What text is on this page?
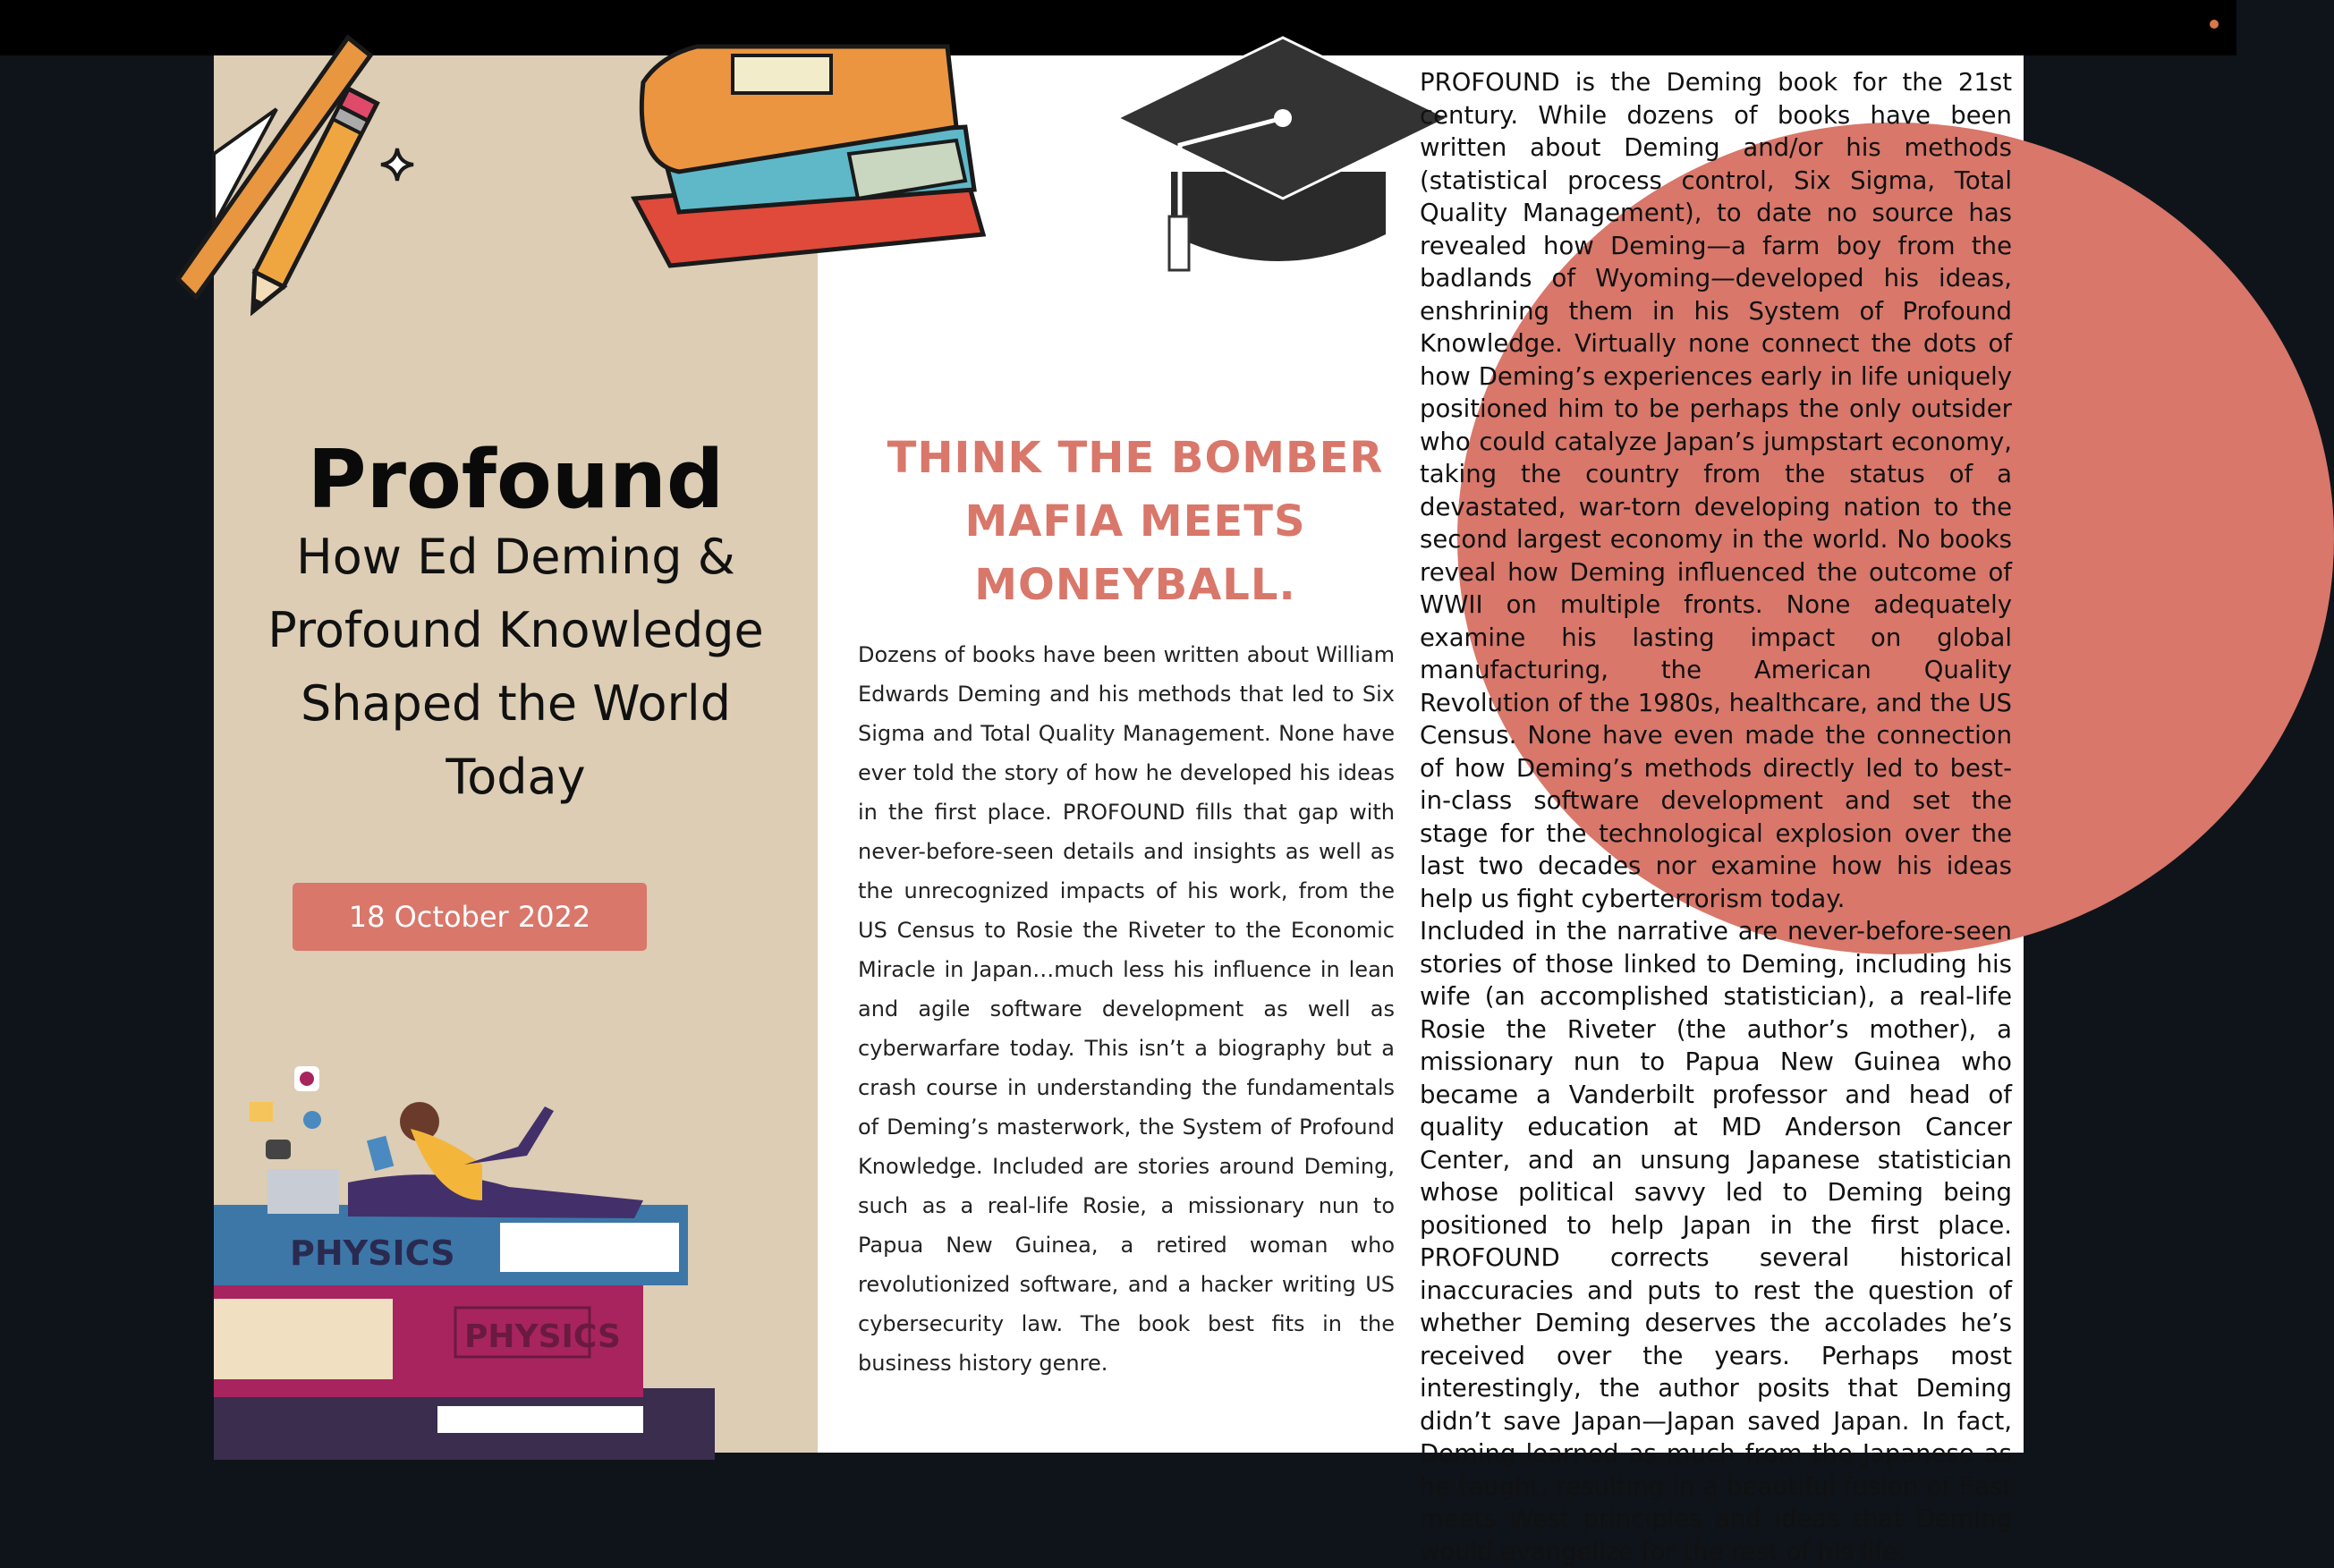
Profound
How Ed Deming & Profound Knowledge Shaped the World Today
18 October 2022
PHYSICS
PHYSICS
THINK THE BOMBER MAFIA MEETS MONEYBALL.
Dozens of books have been written about William Edwards Deming and his methods that led to Six Sigma and Total Quality Management. None have ever told the story of how he developed his ideas in the first place. PROFOUND fills that gap with never-before-seen details and insights as well as the unrecognized impacts of his work, from the US Census to Rosie the Riveter to the Economic Miracle in Japan…much less his influence in lean and agile software development as well as cyberwarfare today. This isn’t a biography but a crash course in understanding the fundamentals of Deming’s masterwork, the System of Profound Knowledge. Included are stories around Deming, such as a real-life Rosie, a missionary nun to Papua New Guinea, a retired woman who revolutionized software, and a hacker writing US cybersecurity law. The book best fits in the business history genre.

PROFOUND is the Deming book for the 21st century. While dozens of books have been written about Deming and/or his methods (statistical process control, Six Sigma, Total Quality Management), to date no source has revealed how Deming—a farm boy from the badlands of Wyoming—developed his ideas, enshrining them in his System of Profound Knowledge. Virtually none connect the dots of how Deming’s experiences early in life uniquely positioned him to be perhaps the only outsider who could catalyze Japan’s jumpstart economy, taking the country from the status of a devastated, war-torn developing nation to the second largest economy in the world. No books reveal how Deming influenced the outcome of WWII on multiple fronts. None adequately examine his lasting impact on global manufacturing, the American Quality Revolution of the 1980s, healthcare, and the US Census. None have even made the connection of how Deming’s methods directly led to best-in-class software development and set the stage for the technological explosion over the last two decades nor examine how his ideas help us fight cyberterrorism today.

Included in the narrative are never-before-seen stories of those linked to Deming, including his wife (an accomplished statistician), a real-life Rosie the Riveter (the author’s mother), a missionary nun to Papua New Guinea who became a Vanderbilt professor and head of quality education at MD Anderson Cancer Center, and an unsung Japanese statistician whose political savvy led to Deming being positioned to help Japan in the first place. PROFOUND corrects several historical inaccuracies and puts to rest the question of whether Deming deserves the accolades he’s received over the years. Perhaps most interestingly, the author posits that Deming didn’t save Japan—Japan saved Japan. In fact, Deming learned as much from the Japanese as he taught, resulting in a beautiful fusion of East meets West principles and ideas that Deming would evangelize for the rest of his life.
